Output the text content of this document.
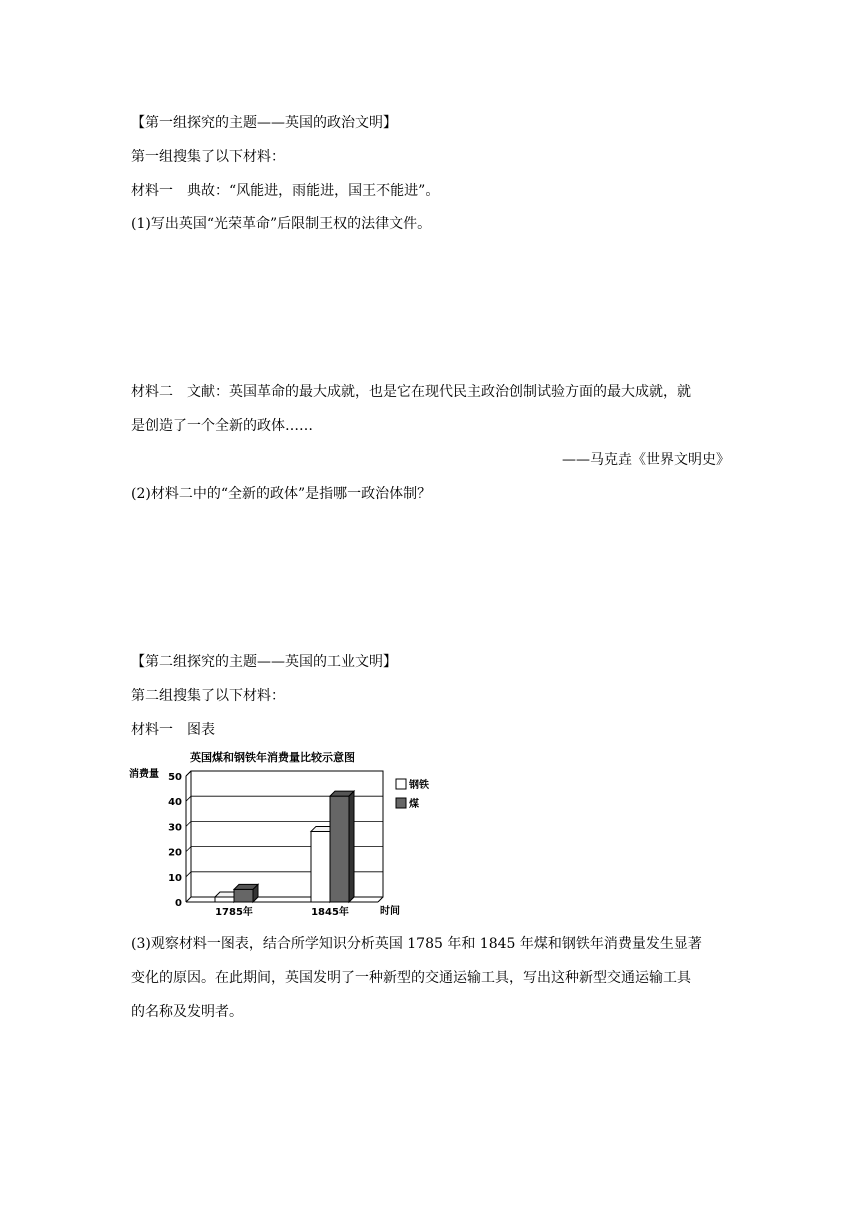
【第一组探究的主题——英国的政治文明】
第一组搜集了以下材料：
材料一　典故：“风能进，雨能进，国王不能进”。
(1)写出英国“光荣革命”后限制王权的法律文件。
材料二　文献：英国革命的最大成就，也是它在现代民主政治创制试验方面的最大成就，就
是创造了一个全新的政体……
——马克垚《世界文明史》
(2)材料二中的“全新的政体”是指哪一政治体制？
【第二组探究的主题——英国的工业文明】
第二组搜集了以下材料：
材料一　图表
英国煤和钢铁年消费量比较示意图
消费量
时间
0
10
20
30
40
50
1785年	1845年
钢铁
煤
(3)观察材料一图表，结合所学知识分析英国 1785 年和 1845 年煤和钢铁年消费量发生显著
变化的原因。在此期间，英国发明了一种新型的交通运输工具，写出这种新型交通运输工具
的名称及发明者。
